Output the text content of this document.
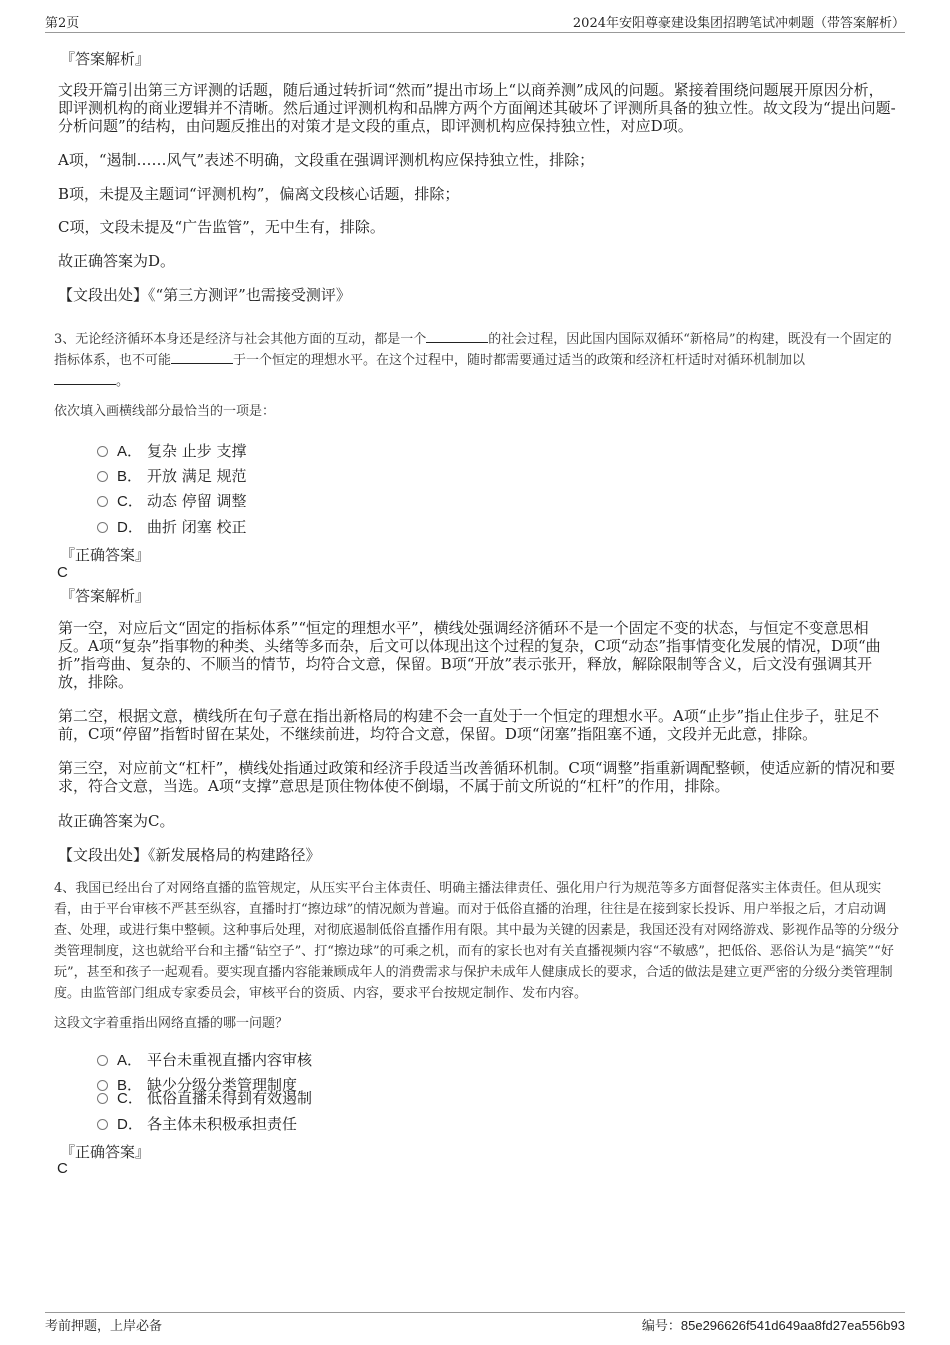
第2页	2024年安阳尊豪建设集团招聘笔试冲刺题（带答案解析）
『答案解析』
文段开篇引出第三方评测的话题，随后通过转折词“然而”提出市场上“以商养测”成风的问题。紧接着围绕问题展开原因分析，即评测机构的商业逻辑并不清晰。然后通过评测机构和品牌方两个方面阐述其破坏了评测所具备的独立性。故文段为“提出问题-分析问题”的结构，由问题反推出的对策才是文段的重点，即评测机构应保持独立性，对应D项。
A项，“遏制……风气”表述不明确，文段重在强调评测机构应保持独立性，排除；
B项，未提及主题词“评测机构”，偏离文段核心话题，排除；
C项，文段未提及“广告监管”，无中生有，排除。
故正确答案为D。
【文段出处】《“第三方测评”也需接受测评》
3、无论经济循环本身还是经济与社会其他方面的互动，都是一个	的社会过程，因此国内国际双循环“新格局”的构建，既没有一个固定的指标体系，也不可能	于一个恒定的理想水平。在这个过程中，随时都需要通过适当的政策和经济杠杆适时对循环机制加以
。
依次填入画横线部分最恰当的一项是：
A． 复杂 止步 支撑
B． 开放 满足 规范
C． 动态 停留 调整
D． 曲折 闭塞 校正
『正确答案』
C
『答案解析』
第一空，对应后文“固定的指标体系”“恒定的理想水平”，横线处强调经济循环不是一个固定不变的状态，与恒定不变意思相反。A项“复杂”指事物的种类、头绪等多而杂，后文可以体现出这个过程的复杂，C项“动态”指事情变化发展的情况，D项“曲折”指弯曲、复杂的、不顺当的情节，均符合文意，保留。B项“开放”表示张开，释放，解除限制等含义，后文没有强调其开放，排除。
第二空，根据文意，横线所在句子意在指出新格局的构建不会一直处于一个恒定的理想水平。A项“止步”指止住步子，驻足不前，C项“停留”指暂时留在某处，不继续前进，均符合文意，保留。D项“闭塞”指阻塞不通，文段并无此意，排除。
第三空，对应前文“杠杆”，横线处指通过政策和经济手段适当改善循环机制。C项“调整”指重新调配整顿，使适应新的情况和要求，符合文意，当选。A项“支撑”意思是顶住物体使不倒塌，不属于前文所说的“杠杆”的作用，排除。
故正确答案为C。
【文段出处】《新发展格局的构建路径》
4、我国已经出台了对网络直播的监管规定，从压实平台主体责任、明确主播法律责任、强化用户行为规范等多方面督促落实主体责任。但从现实看，由于平台审核不严甚至纵容，直播时打“擦边球”的情况颇为普遍。而对于低俗直播的治理，往往是在接到家长投诉、用户举报之后，才启动调查、处理，或进行集中整顿。这种事后处理，对彻底遏制低俗直播作用有限。其中最为关键的因素是，我国还没有对网络游戏、影视作品等的分级分类管理制度，这也就给平台和主播“钻空子”、打“擦边球”的可乘之机，而有的家长也对有关直播视频内容“不敏感”，把低俗、恶俗认为是“搞笑”“好玩”，甚至和孩子一起观看。要实现直播内容能兼顾成年人的消费需求与保护未成年人健康成长的要求，合适的做法是建立更严密的分级分类管理制度。由监管部门组成专家委员会，审核平台的资质、内容，要求平台按规定制作、发布内容。
这段文字着重指出网络直播的哪一问题？
A． 平台未重视直播内容审核
B． 缺少分级分类管理制度
C． 低俗直播未得到有效遏制
D． 各主体未积极承担责任
『正确答案』
C
考前押题，上岸必备	编号：85e296626f541d649aa8fd27ea556b93
